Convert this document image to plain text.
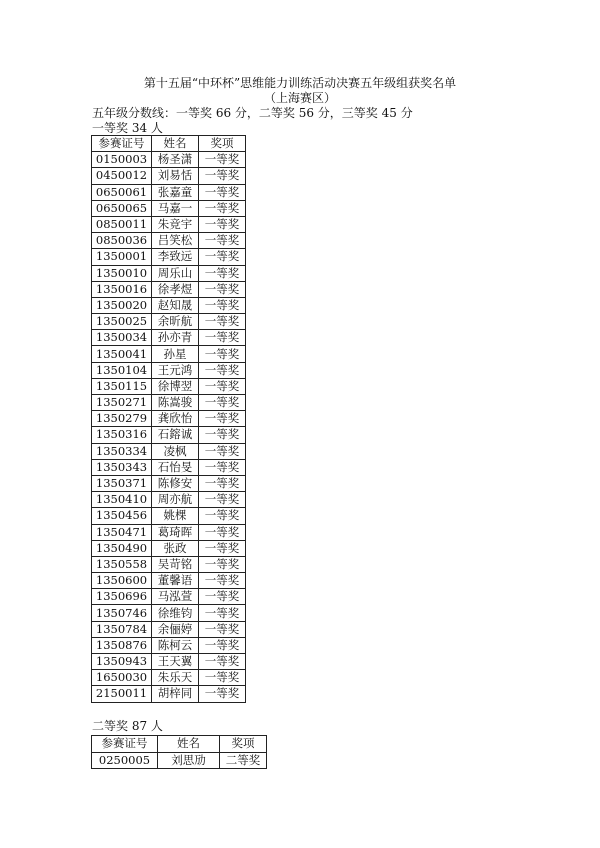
第十五届“中环杯”思维能力训练活动决赛五年级组获奖名单
（上海赛区）
五年级分数线：一等奖 66 分，二等奖 56 分，三等奖 45 分
一等奖 34 人
参赛证号	姓名	奖项
0150003	杨圣潇	一等奖
0450012	刘易恬	一等奖
0650061	张嘉童	一等奖
0650065	马嘉一	一等奖
0850011	朱竞宇	一等奖
0850036	吕笑松	一等奖
1350001	李致远	一等奖
1350010	周乐山	一等奖
1350016	徐孝煜	一等奖
1350020	赵知晟	一等奖
1350025	余昕航	一等奖
1350034	孙亦青	一等奖
1350041	孙星	一等奖
1350104	王元鸿	一等奖
1350115	徐博翌	一等奖
1350271	陈嵩骏	一等奖
1350279	龚欣怡	一等奖
1350316	石鎔诚	一等奖
1350334	凌枫	一等奖
1350343	石怡旻	一等奖
1350371	陈修安	一等奖
1350410	周亦航	一等奖
1350456	姚棵	一等奖
1350471	葛琦晖	一等奖
1350490	张政	一等奖
1350558	吴苛铭	一等奖
1350600	董馨语	一等奖
1350696	马泓萱	一等奖
1350746	徐维钧	一等奖
1350784	余俪婷	一等奖
1350876	陈柯云	一等奖
1350943	王天翼	一等奖
1650030	朱乐天	一等奖
2150011	胡梓同	一等奖
二等奖 87 人
参赛证号	姓名	奖项
0250005	刘思劢	二等奖
